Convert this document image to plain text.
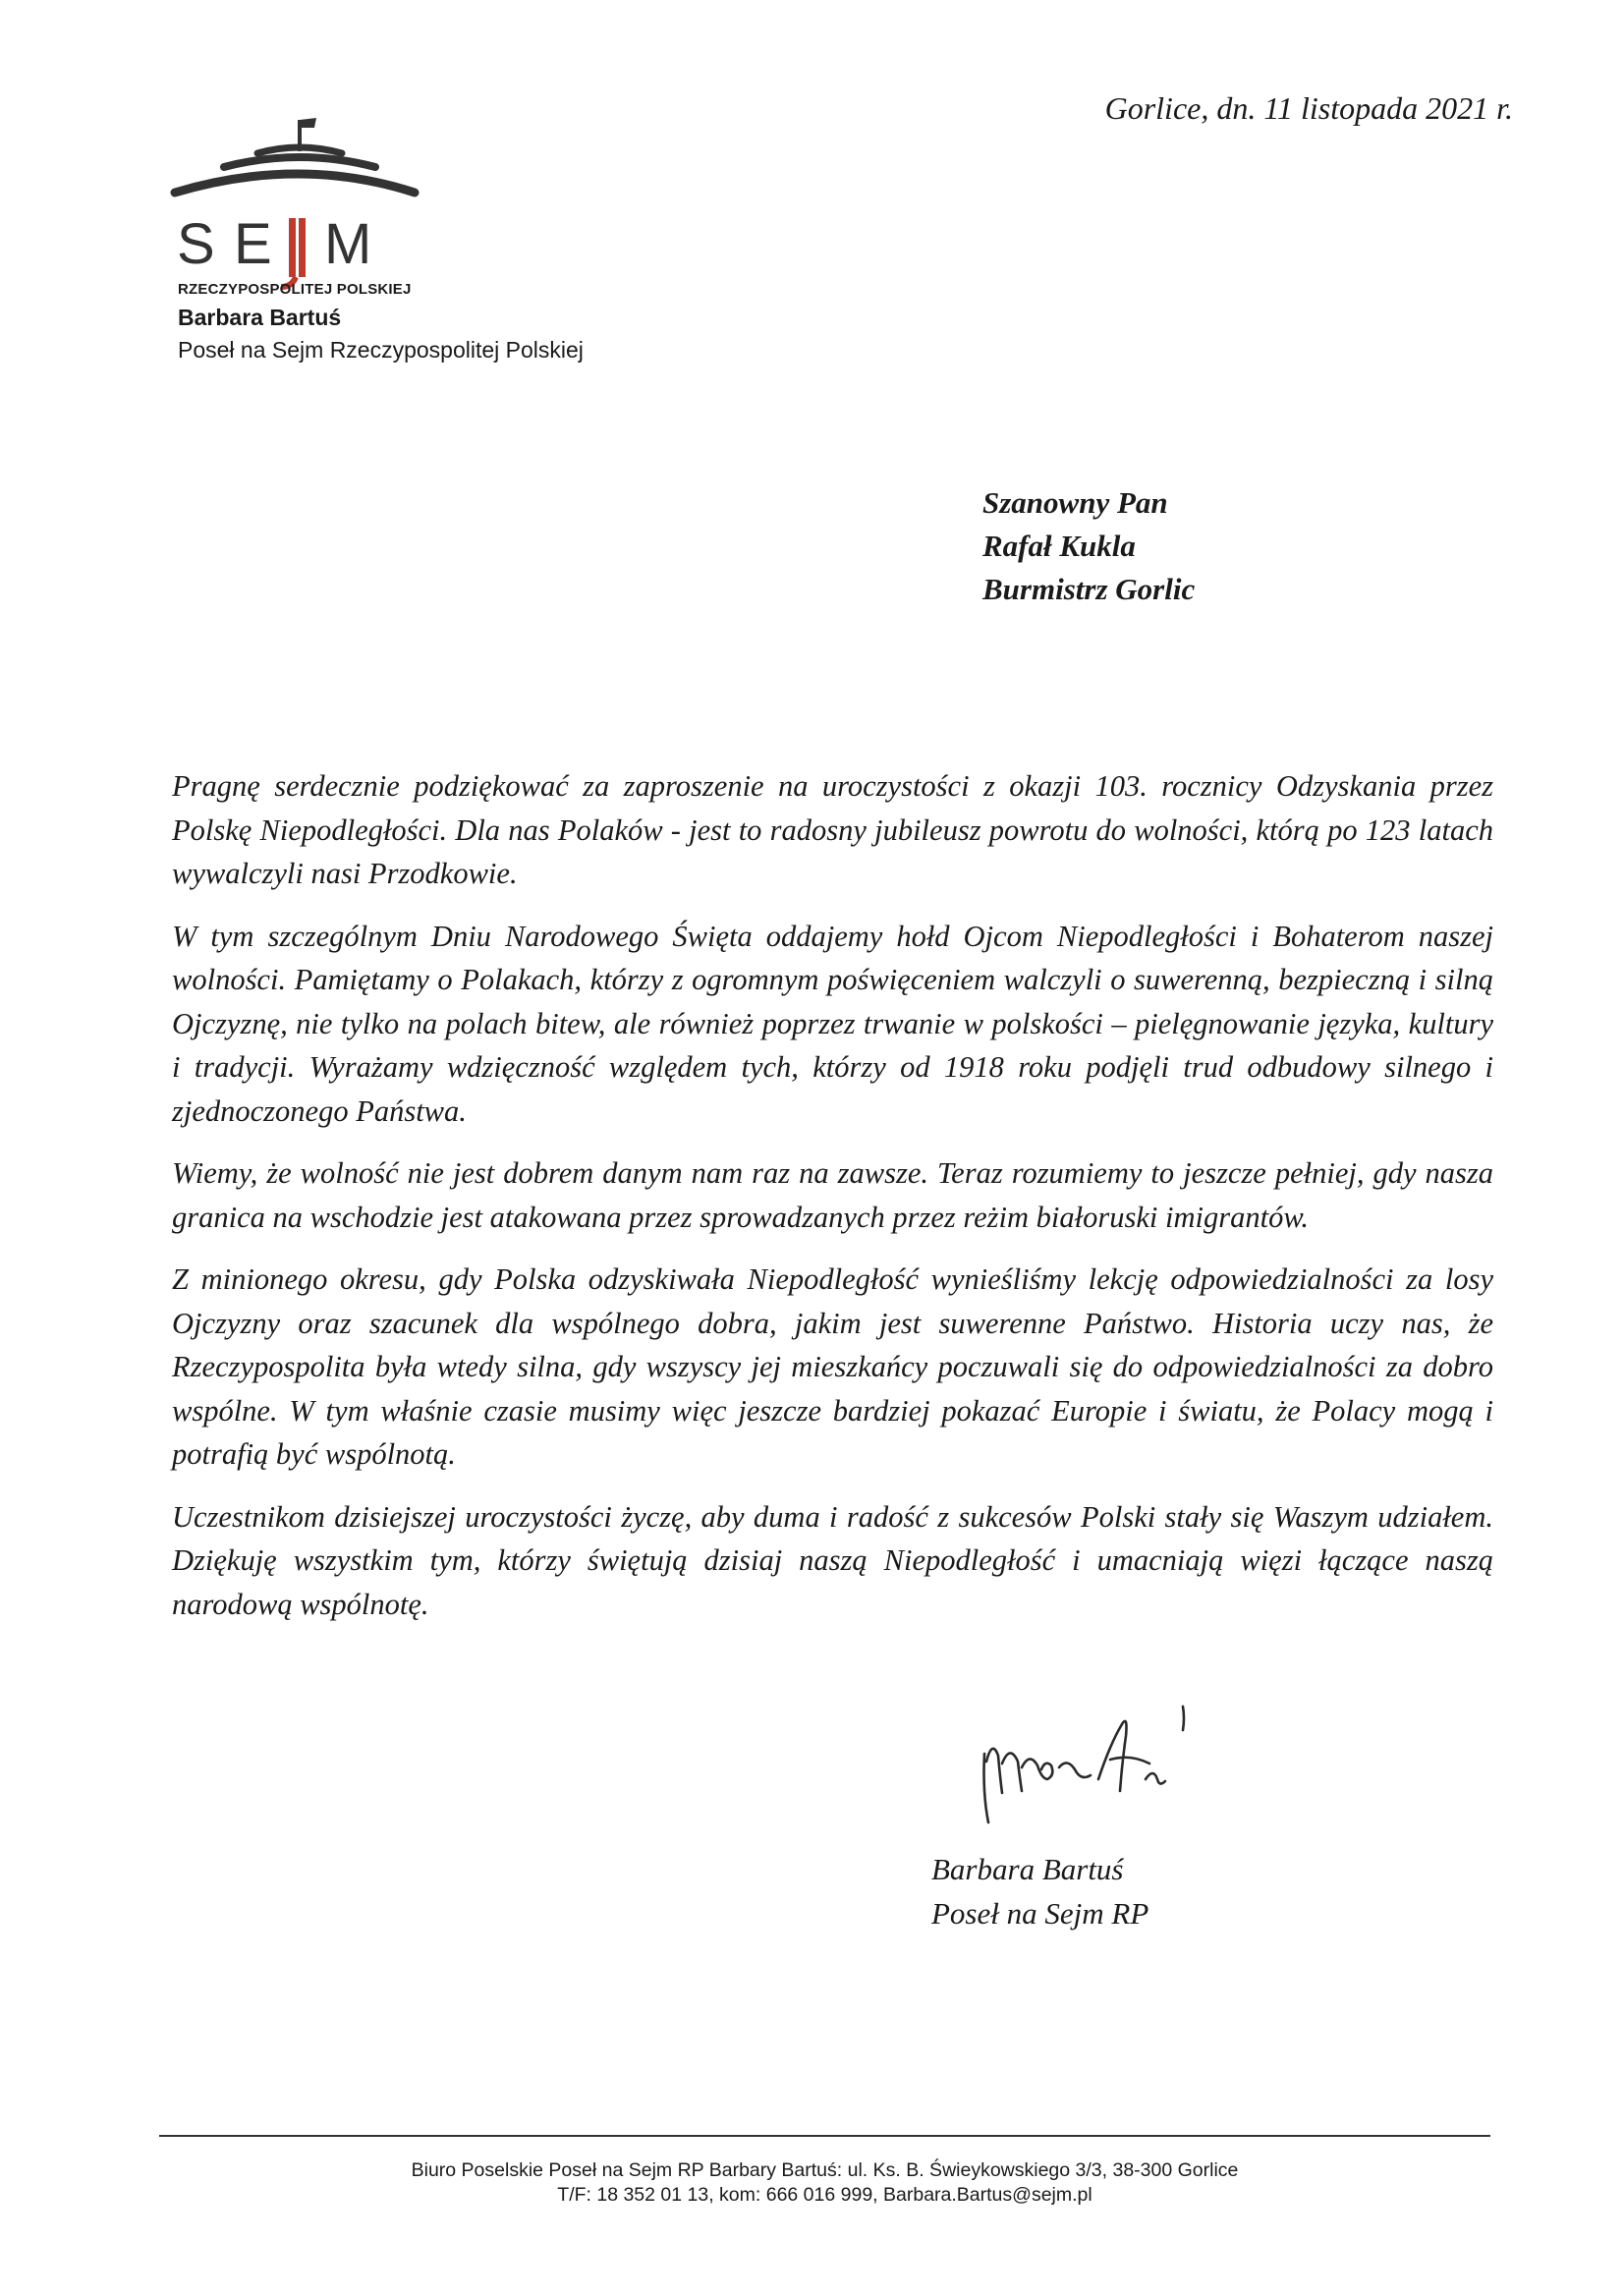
Gorlice, dn. 11 listopada 2021 r.
S E M
RZECZYPOSPOLITEJ POLSKIEJ
Barbara Bartuś
Poseł na Sejm Rzeczypospolitej Polskiej
Szanowny Pan
Rafał Kukla
Burmistrz Gorlic

Pragnę serdecznie podziękować za zaproszenie na uroczystości z okazji 103. rocznicy Odzyskania przez Polskę Niepodległości. Dla nas Polaków - jest to radosny jubileusz powrotu do wolności, którą po 123 latach wywalczyli nasi Przodkowie.

W tym szczególnym Dniu Narodowego Święta oddajemy hołd Ojcom Niepodległości i Bohaterom naszej wolności. Pamiętamy o Polakach, którzy z ogromnym poświęceniem walczyli o suwerenną, bezpieczną i silną Ojczyznę, nie tylko na polach bitew, ale również poprzez trwanie w polskości – pielęgnowanie języka, kultury i tradycji. Wyrażamy wdzięczność względem tych, którzy od 1918 roku podjęli trud odbudowy silnego i zjednoczonego Państwa.

Wiemy, że wolność nie jest dobrem danym nam raz na zawsze. Teraz rozumiemy to jeszcze pełniej, gdy nasza granica na wschodzie jest atakowana przez sprowadzanych przez reżim białoruski imigrantów.

Z minionego okresu, gdy Polska odzyskiwała Niepodległość wynieśliśmy lekcję odpowiedzialności za losy Ojczyzny oraz szacunek dla wspólnego dobra, jakim jest suwerenne Państwo. Historia uczy nas, że Rzeczypospolita była wtedy silna, gdy wszyscy jej mieszkańcy poczuwali się do odpowiedzialności za dobro wspólne. W tym właśnie czasie musimy więc jeszcze bardziej pokazać Europie i światu, że Polacy mogą i potrafią być wspólnotą.

Uczestnikom dzisiejszej uroczystości życzę, aby duma i radość z sukcesów Polski stały się Waszym udziałem. Dziękuję wszystkim tym, którzy świętują dzisiaj naszą Niepodległość i umacniają więzi łączące naszą narodową wspólnotę.

Barbara Bartuś
Poseł na Sejm RP
Biuro Poselskie Poseł na Sejm RP Barbary Bartuś: ul. Ks. B. Świeykowskiego 3/3, 38-300 Gorlice
T/F: 18 352 01 13, kom: 666 016 999, Barbara.Bartus@sejm.pl
